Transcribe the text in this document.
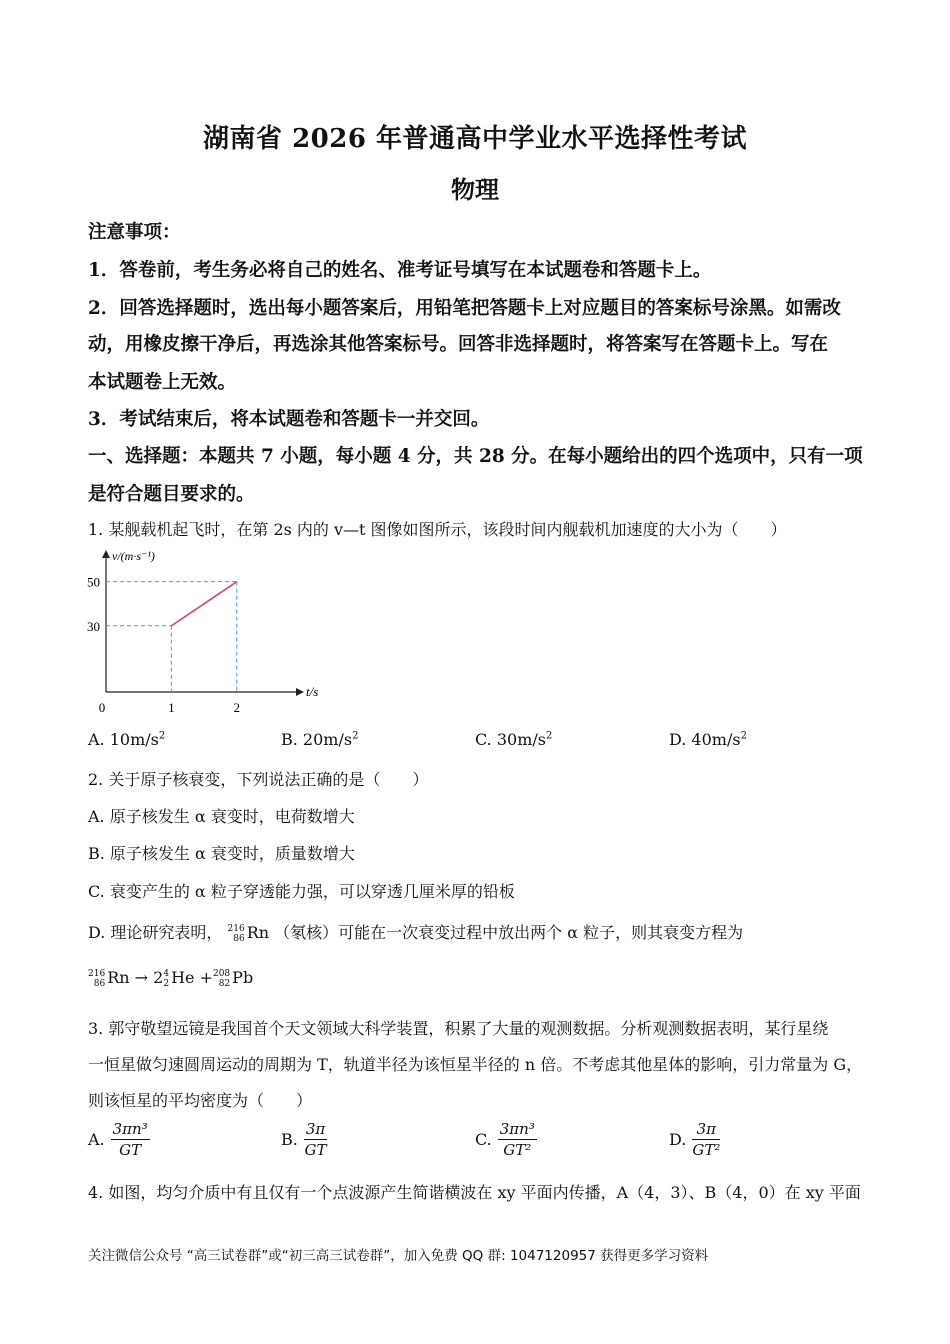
湖南省 2026 年普通高中学业水平选择性考试
物理
注意事项：
1．答卷前，考生务必将自己的姓名、准考证号填写在本试题卷和答题卡上。
2．回答选择题时，选出每小题答案后，用铅笔把答题卡上对应题目的答案标号涂黑。如需改
动，用橡皮擦干净后，再选涂其他答案标号。回答非选择题时，将答案写在答题卡上。写在
本试题卷上无效。
3．考试结束后，将本试题卷和答题卡一并交回。
一、选择题：本题共 7 小题，每小题 4 分，共 28 分。在每小题给出的四个选项中，只有一项
是符合题目要求的。
1. 某舰载机起飞时，在第 2s 内的 v—t 图像如图所示，该段时间内舰载机加速度的大小为（　　）
t/s
v/(m·s⁻¹)
0	1
30
2
50
A. $10m/s^2$	B. $20m/s^2$	C. $30m/s^2$	D. $40m/s^2$
2. 关于原子核衰变，下列说法正确的是（　　）
A. 原子核发生 α 衰变时，电荷数增大
B. 原子核发生 α 衰变时，质量数增大
C. 衰变产生的 α 粒子穿透能力强，可以穿透几厘米厚的铅板
D. 理论研究表明， 216
86 Rn （氡核）可能在一次衰变过程中放出两个 α 粒子，则其衰变方程为
216
86 Rn → 2 4
2 He + 208
82 Pb
3. 郭守敬望远镜是我国首个天文领域大科学装置，积累了大量的观测数据。分析观测数据表明，某行星绕
一恒星做匀速圆周运动的周期为 T，轨道半径为该恒星半径的 n 倍。不考虑其他星体的影响，引力常量为 G，
则该恒星的平均密度为（　　）
A. $\frac{\text{3πn³}}{GT}$	B. $\frac{3\pi}{GT}$	C. $\frac{\text{3πn³}}{\text{GT²}}$	D. $\frac{3\pi}{\text{GT²}}$
4. 如图，均匀介质中有且仅有一个点波源产生简谐横波在 xy 平面内传播，A（4，3）、B（4，0）在 xy 平面
关注微信公众号 “高三试卷群”或“初三高三试卷群”，加入免费 QQ 群: 1047120957 获得更多学习资料
